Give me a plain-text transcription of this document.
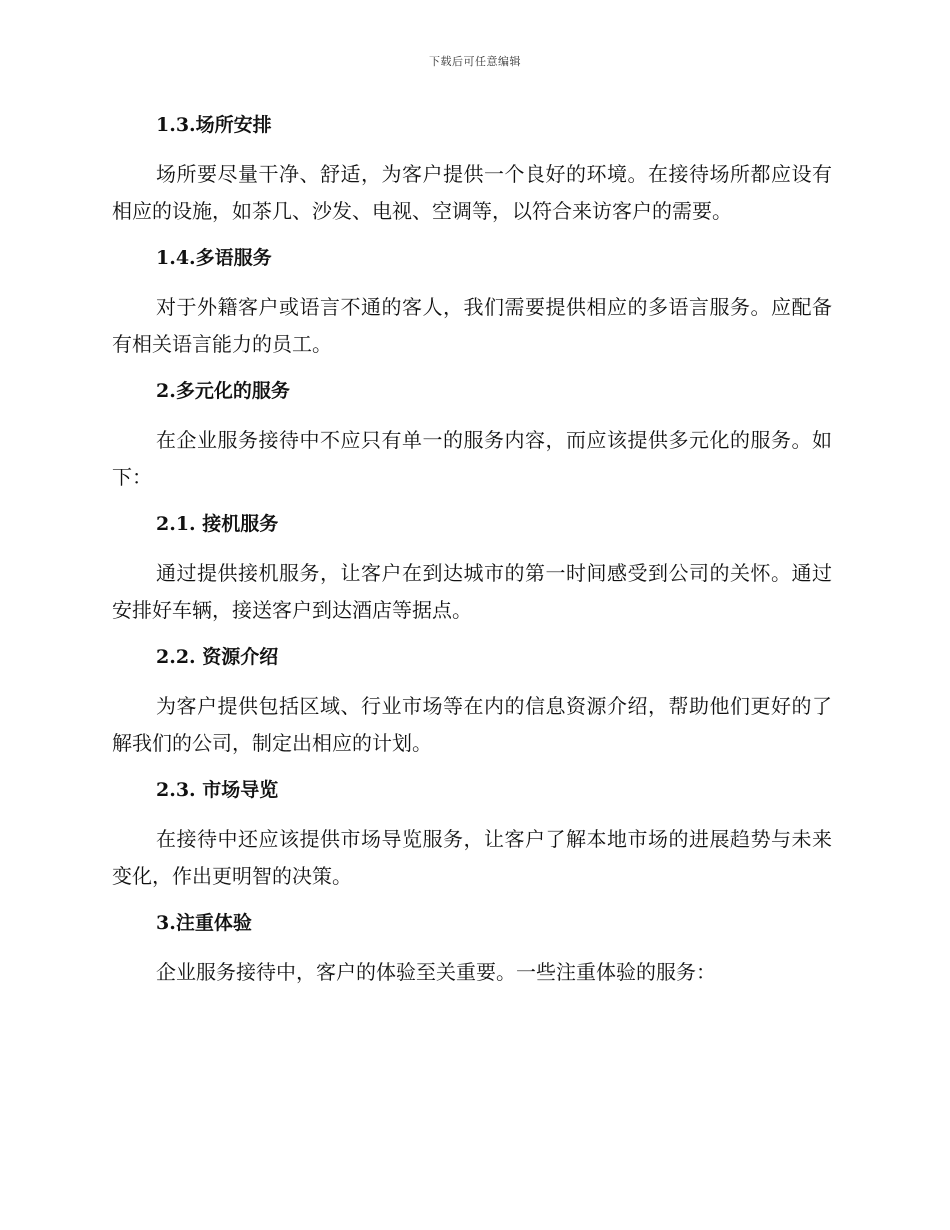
下载后可任意编辑
1.3.场所安排
场所要尽量干净、舒适，为客户提供一个良好的环境。在接待场所都应设有相应的设施，如茶几、沙发、电视、空调等，以符合来访客户的需要。
1.4.多语服务
对于外籍客户或语言不通的客人，我们需要提供相应的多语言服务。应配备有相关语言能力的员工。
2.多元化的服务
在企业服务接待中不应只有单一的服务内容，而应该提供多元化的服务。如下：
2.1. 接机服务
通过提供接机服务，让客户在到达城市的第一时间感受到公司的关怀。通过安排好车辆，接送客户到达酒店等据点。
2.2. 资源介绍
为客户提供包括区域、行业市场等在内的信息资源介绍，帮助他们更好的了解我们的公司，制定出相应的计划。
2.3. 市场导览
在接待中还应该提供市场导览服务，让客户了解本地市场的进展趋势与未来变化，作出更明智的决策。
3.注重体验
企业服务接待中，客户的体验至关重要。一些注重体验的服务：
